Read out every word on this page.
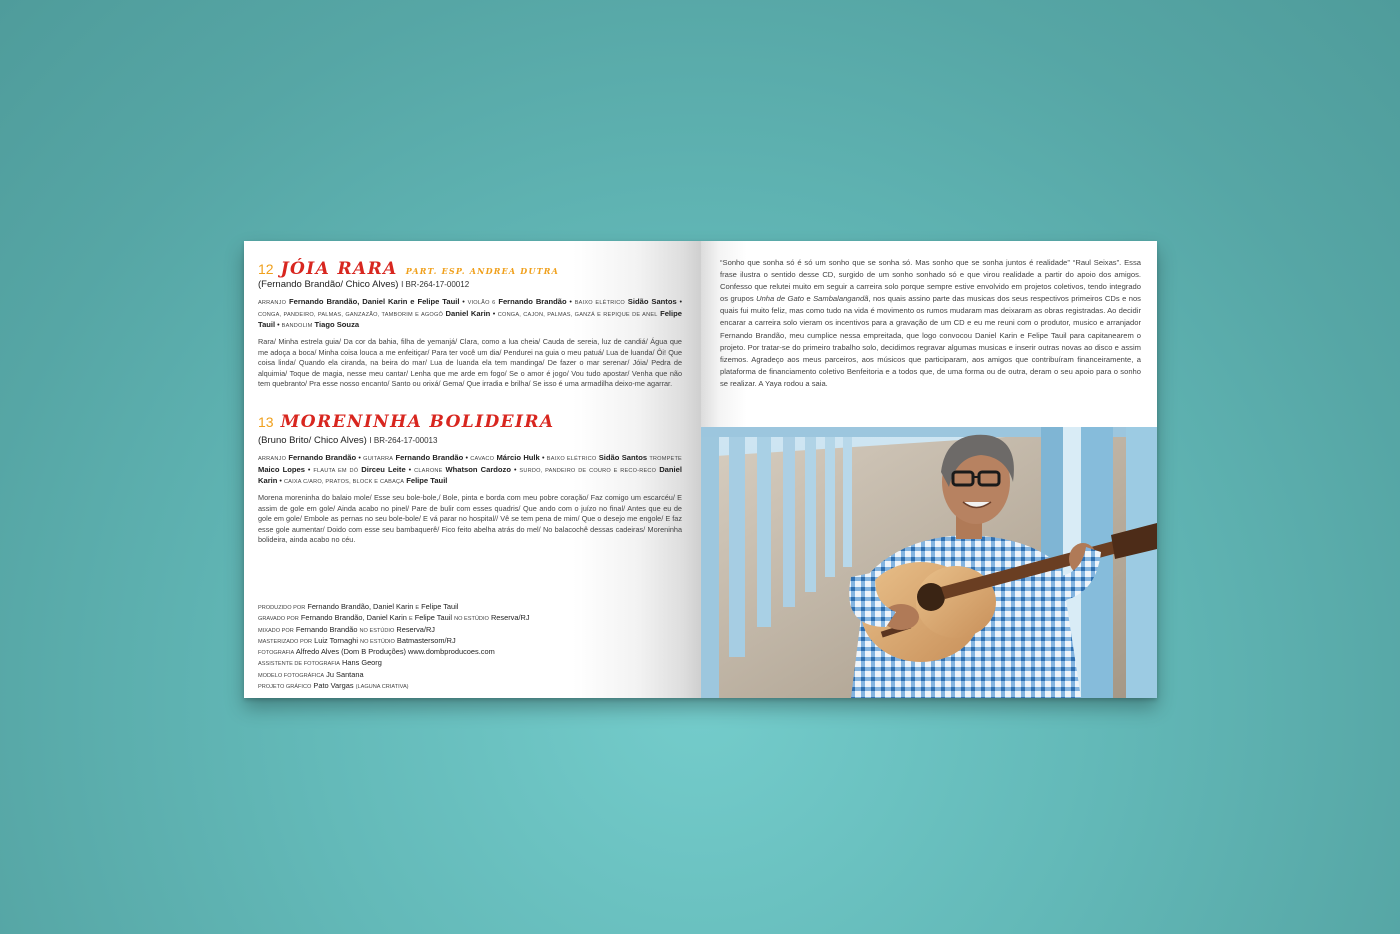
12 JÓIA RARA PART. ESP. ANDREA DUTRA
(Fernando Brandão/ Chico Alves) I BR-264-17-00012
ARRANJO Fernando Brandão, Daniel Karin e Felipe Tauil • VIOLÃO 6 Fernando Brandão • BAIXO ELÉTRICO Sidão Santos • CONGA, PANDEIRO, PALMAS, GANZAZÃO, TAMBORIM E AGOGÔ Daniel Karin • CONGA, CAJON, PALMAS, GANZÁ E REPIQUE DE ANEL Felipe Tauil • BANDOLIM Tiago Souza
Rara/ Minha estrela guia/ Da cor da bahia, filha de yemanjá/ Clara, como a lua cheia/ Cauda de sereia, luz de candiá/ Água que me adoça a boca/ Minha coisa louca a me enfeitiçar/ Para ter você um dia/ Pendurei na guia o meu patuá/ Lua de luanda/ Ôi! Que coisa linda/ Quando ela ciranda, na beira do mar/ Lua de luanda ela tem mandinga/ De fazer o mar serenar/ Jóia/ Pedra de alquimia/ Toque de magia, nesse meu cantar/ Lenha que me arde em fogo/ Se o amor é jogo/ Vou tudo apostar/ Venha que não tem quebranto/ Pra esse nosso encanto/ Santo ou orixá/ Gema/ Que irradia e brilha/ Se isso é uma armadilha deixo-me agarrar.
13 MORENINHA BOLIDEIRA
(Bruno Brito/ Chico Alves) I BR-264-17-00013
ARRANJO Fernando Brandão • GUITARRA Fernando Brandão • CAVACO Márcio Hulk • BAIXO ELÉTRICO Sidão Santos TROMPETE Maico Lopes • FLAUTA EM DÓ Dirceu Leite • CLARONE Whatson Cardozo • SURDO, PANDEIRO DE COURO E RECO-RECO Daniel Karin • CAIXA C/ARO, PRATOS, BLOCK E CABAÇA Felipe Tauil
Morena moreninha do balaio mole/ Esse seu bole-bole,/ Bole, pinta e borda com meu pobre coração/ Faz comigo um escarcéu/ E assim de gole em gole/ Ainda acabo no pinel/ Pare de bulir com esses quadris/ Que ando com o juízo no final/ Antes que eu de gole em gole/ Embole as pernas no seu bole-bole/ E vá parar no hospital// Vê se tem pena de mim/ Que o desejo me engole/ E faz esse gole aumentar/ Doido com esse seu bambaquerê/ Fico feito abelha atrás do mel/ No balacochê dessas cadeiras/ Moreninha bolideira, ainda acabo no céu.
PRODUZIDO POR Fernando Brandão, Daniel Karin E Felipe Tauil
GRAVADO POR Fernando Brandão, Daniel Karin E Felipe Tauil NO ESTÚDIO Reserva/RJ
MIXADO POR Fernando Brandão NO ESTÚDIO Reserva/RJ
MASTERIZADO POR Luiz Tornaghi NO ESTÚDIO Batmastersom/RJ
FOTOGRAFIA Alfredo Alves (Dom B Produções) www.dombproducoes.com
ASSISTENTE DE FOTOGRAFIA Hans Georg
MODELO FOTOGRÁFICA Ju Santana
PROJETO GRÁFICO Pato Vargas (LAGUNA CRIATIVA)
“Sonho que sonha só é só um sonho que se sonha só. Mas sonho que se sonha juntos é realidade” “Raul Seixas”. Essa frase ilustra o sentido desse CD, surgido de um sonho sonhado só e que virou realidade a partir do apoio dos amigos. Confesso que relutei muito em seguir a carreira solo porque sempre estive envolvido em projetos coletivos, tendo integrado os grupos Unha de Gato e Sambalangandã, nos quais assino parte das musicas dos seus respectivos primeiros CDs e nos quais fui muito feliz, mas como tudo na vida é movimento os rumos mudaram mas deixaram as obras registradas. Ao decidir encarar a carreira solo vieram os incentivos para a gravação de um CD e eu me reuni com o produtor, musico e arranjador Fernando Brandão, meu cumplice nessa empreitada, que logo convocou Daniel Karin e Felipe Tauil para capitanearem o projeto. Por tratar-se do primeiro trabalho solo, decidimos regravar algumas musicas e inserir outras novas ao disco e assim fizemos. Agradeço aos meus parceiros, aos músicos que participaram, aos amigos que contribuíram financeiramente, a plataforma de financiamento coletivo Benfeitoria e a todos que, de uma forma ou de outra, deram o seu apoio para o sonho se realizar. A Yaya rodou a saia.
